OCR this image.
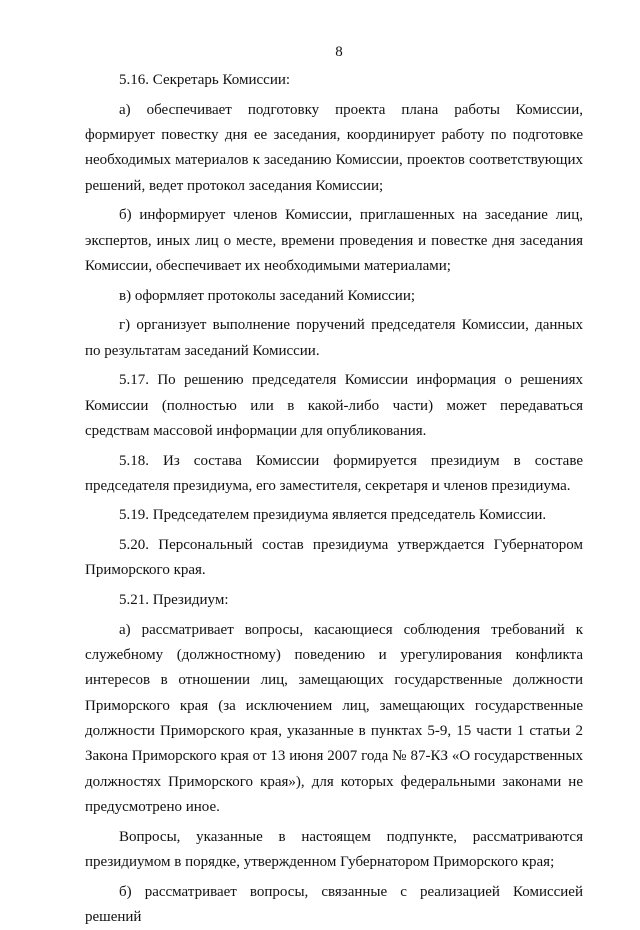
8

5.16. Секретарь Комиссии:

а) обеспечивает подготовку проекта плана работы Комиссии, формирует повестку дня ее заседания, координирует работу по подготовке необходимых материалов к заседанию Комиссии, проектов соответствующих решений, ведет протокол заседания Комиссии;

б) информирует членов Комиссии, приглашенных на заседание лиц, экспертов, иных лиц о месте, времени проведения и повестке дня заседания Комиссии, обеспечивает их необходимыми материалами;

в) оформляет протоколы заседаний Комиссии;

г) организует выполнение поручений председателя Комиссии, данных по результатам заседаний Комиссии.

5.17. По решению председателя Комиссии информация о решениях Комиссии (полностью или в какой-либо части) может передаваться средствам массовой информации для опубликования.

5.18. Из состава Комиссии формируется президиум в составе председателя президиума, его заместителя, секретаря и членов президиума.

5.19. Председателем президиума является председатель Комиссии.

5.20. Персональный состав президиума утверждается Губернатором Приморского края.

5.21. Президиум:

а) рассматривает вопросы, касающиеся соблюдения требований к служебному (должностному) поведению и урегулирования конфликта интересов в отношении лиц, замещающих государственные должности Приморского края (за исключением лиц, замещающих государственные должности Приморского края, указанные в пунктах 5-9, 15 части 1 статьи 2 Закона Приморского края от 13 июня 2007 года № 87-КЗ «О государственных должностях Приморского края»), для которых федеральными законами не предусмотрено иное.

Вопросы, указанные в настоящем подпункте, рассматриваются президиумом в порядке, утвержденном Губернатором Приморского края;

б) рассматривает вопросы, связанные с реализацией Комиссией решений
